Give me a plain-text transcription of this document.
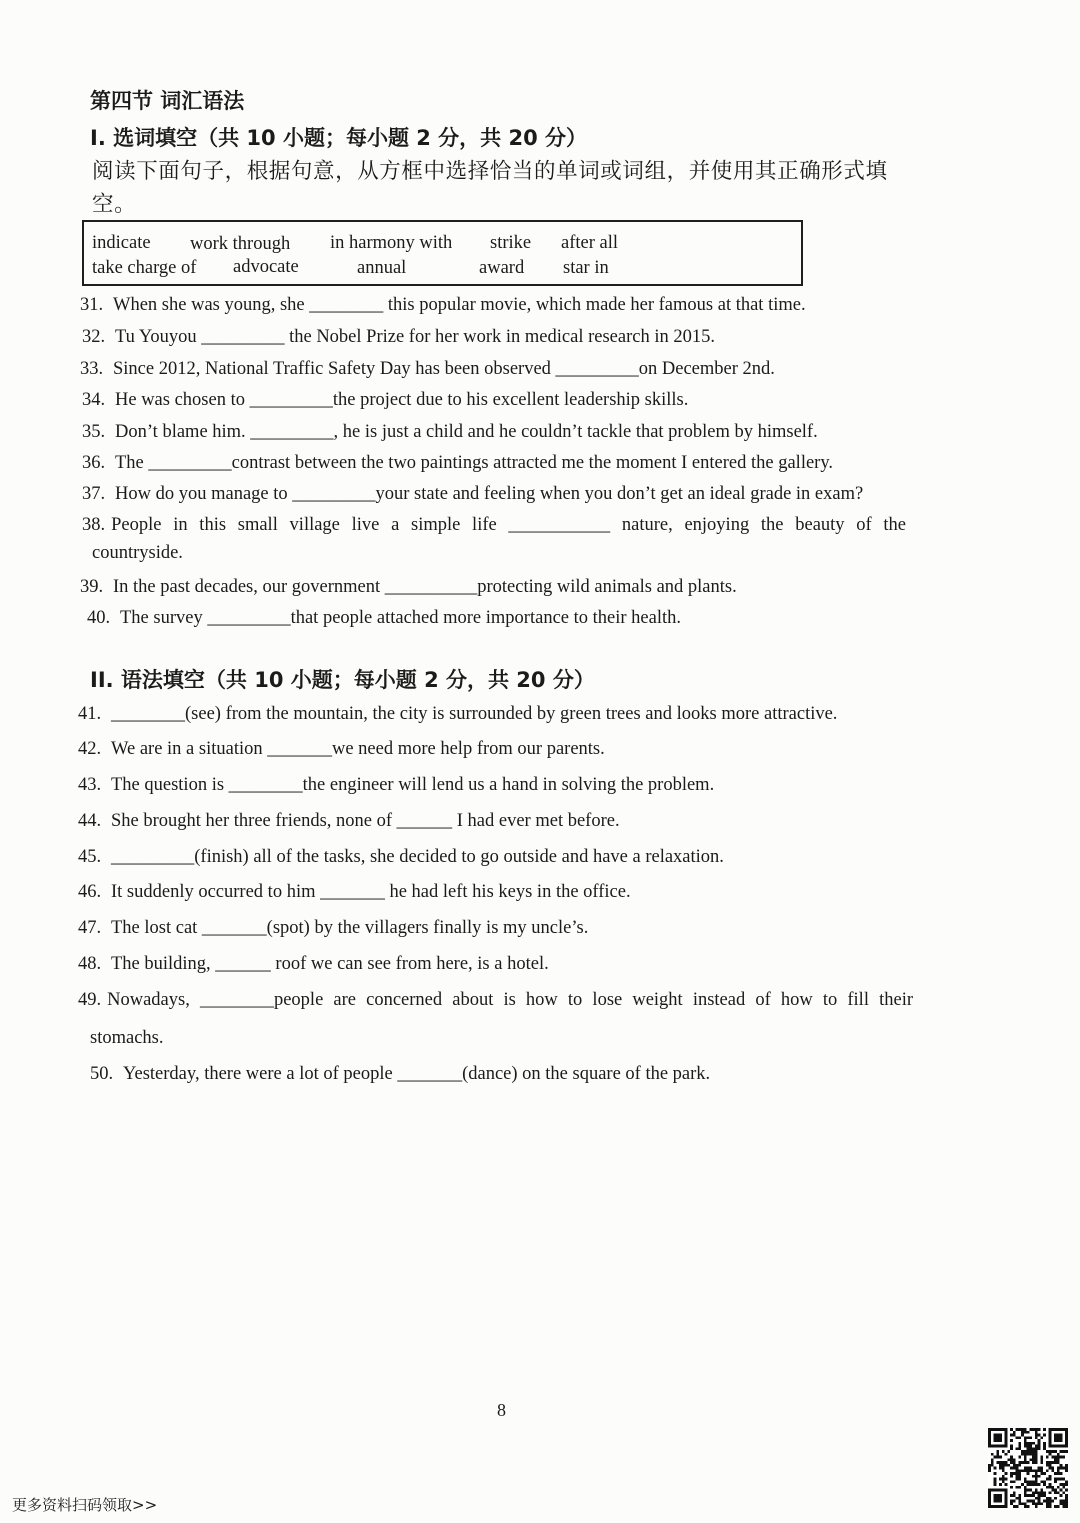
第四节 词汇语法
I. 选词填空（共 10 小题；每小题 2 分，共 20 分）
阅读下面句子，根据句意，从方框中选择恰当的单词或词组，并使用其正确形式填
空。
indicate work through in harmony with strike after all
take charge of advocate	annual	award star in
31. When she was young, she ________ this popular movie, which made her famous at that time.
32. Tu Youyou _________ the Nobel Prize for her work in medical research in 2015.
33. Since 2012, National Traffic Safety Day has been observed _________on December 2nd.
34. He was chosen to _________the project due to his excellent leadership skills.
35. Don’t blame him. _________, he is just a child and he couldn’t tackle that problem by himself.
36. The _________contrast between the two paintings attracted me the moment I entered the gallery.
37. How do you manage to _________your state and feeling when you don’t get an ideal grade in exam?
38. People in this small village live a simple life ___________ nature, enjoying the beauty of the
countryside.
39. In the past decades, our government __________protecting wild animals and plants.
40. The survey _________that people attached more importance to their health.
II. 语法填空（共 10 小题；每小题 2 分，共 20 分）
41. ________(see) from the mountain, the city is surrounded by green trees and looks more attractive.
42. We are in a situation _______we need more help from our parents.
43. The question is ________the engineer will lend us a hand in solving the problem.
44. She brought her three friends, none of ______ I had ever met before.
45. _________(finish) all of the tasks, she decided to go outside and have a relaxation.
46. It suddenly occurred to him _______ he had left his keys in the office.
47. The lost cat _______(spot) by the villagers finally is my uncle’s.
48. The building, ______ roof we can see from here, is a hotel.
49. Nowadays, ________people are concerned about is how to lose weight instead of how to fill their
stomachs.
50. Yesterday, there were a lot of people _______(dance) on the square of the park.
8
更多资料扫码领取>>
